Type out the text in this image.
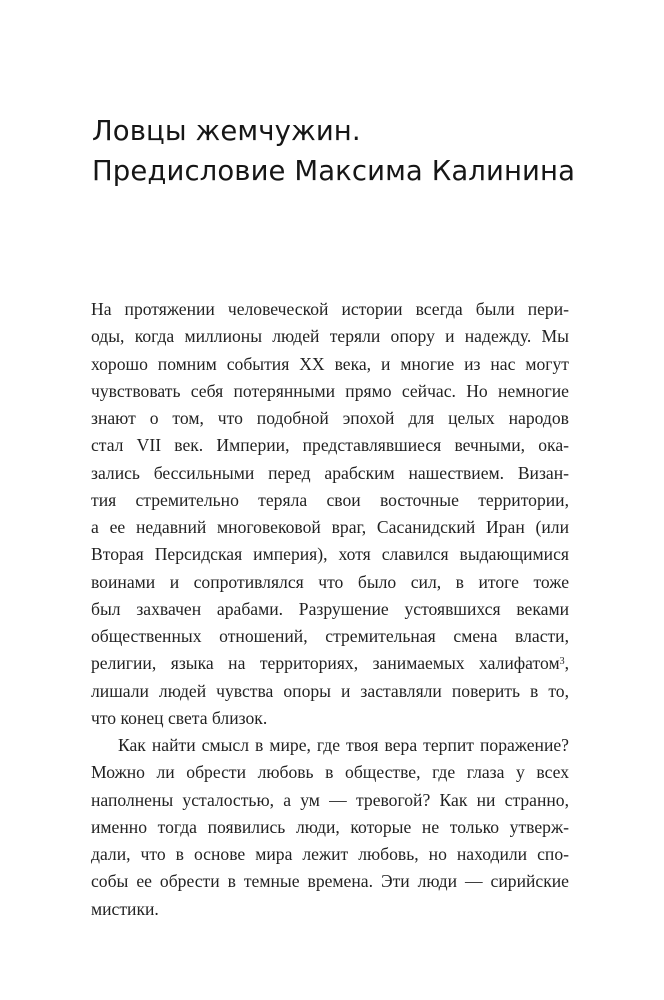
Ловцы жемчужин.
Предисловие Максима Калинина
На протяжении человеческой истории всегда были пери-
оды, когда миллионы людей теряли опору и надежду. Мы
хорошо помним события XX века, и многие из нас могут
чувствовать себя потерянными прямо сейчас. Но немногие
знают о том, что подобной эпохой для целых народов
стал VII век. Империи, представлявшиеся вечными, ока-
зались бессильными перед арабским нашествием. Визан-
тия стремительно теряла свои восточные территории,
а ее недавний многовековой враг, Сасанидский Иран (или
Вторая Персидская империя), хотя славился выдающимися
воинами и сопротивлялся что было сил, в итоге тоже
был захвачен арабами. Разрушение устоявшихся веками
общественных отношений, стремительная смена власти,
религии, языка на территориях, занимаемых халифатом$^3$,
лишали людей чувства опоры и заставляли поверить в то,
что конец света близок.
Как найти смысл в мире, где твоя вера терпит поражение?
Можно ли обрести любовь в обществе, где глаза у всех
наполнены усталостью, а ум — тревогой? Как ни странно,
именно тогда появились люди, которые не только утверж-
дали, что в основе мира лежит любовь, но находили спо-
собы ее обрести в темные времена. Эти люди — сирийские
мистики.
